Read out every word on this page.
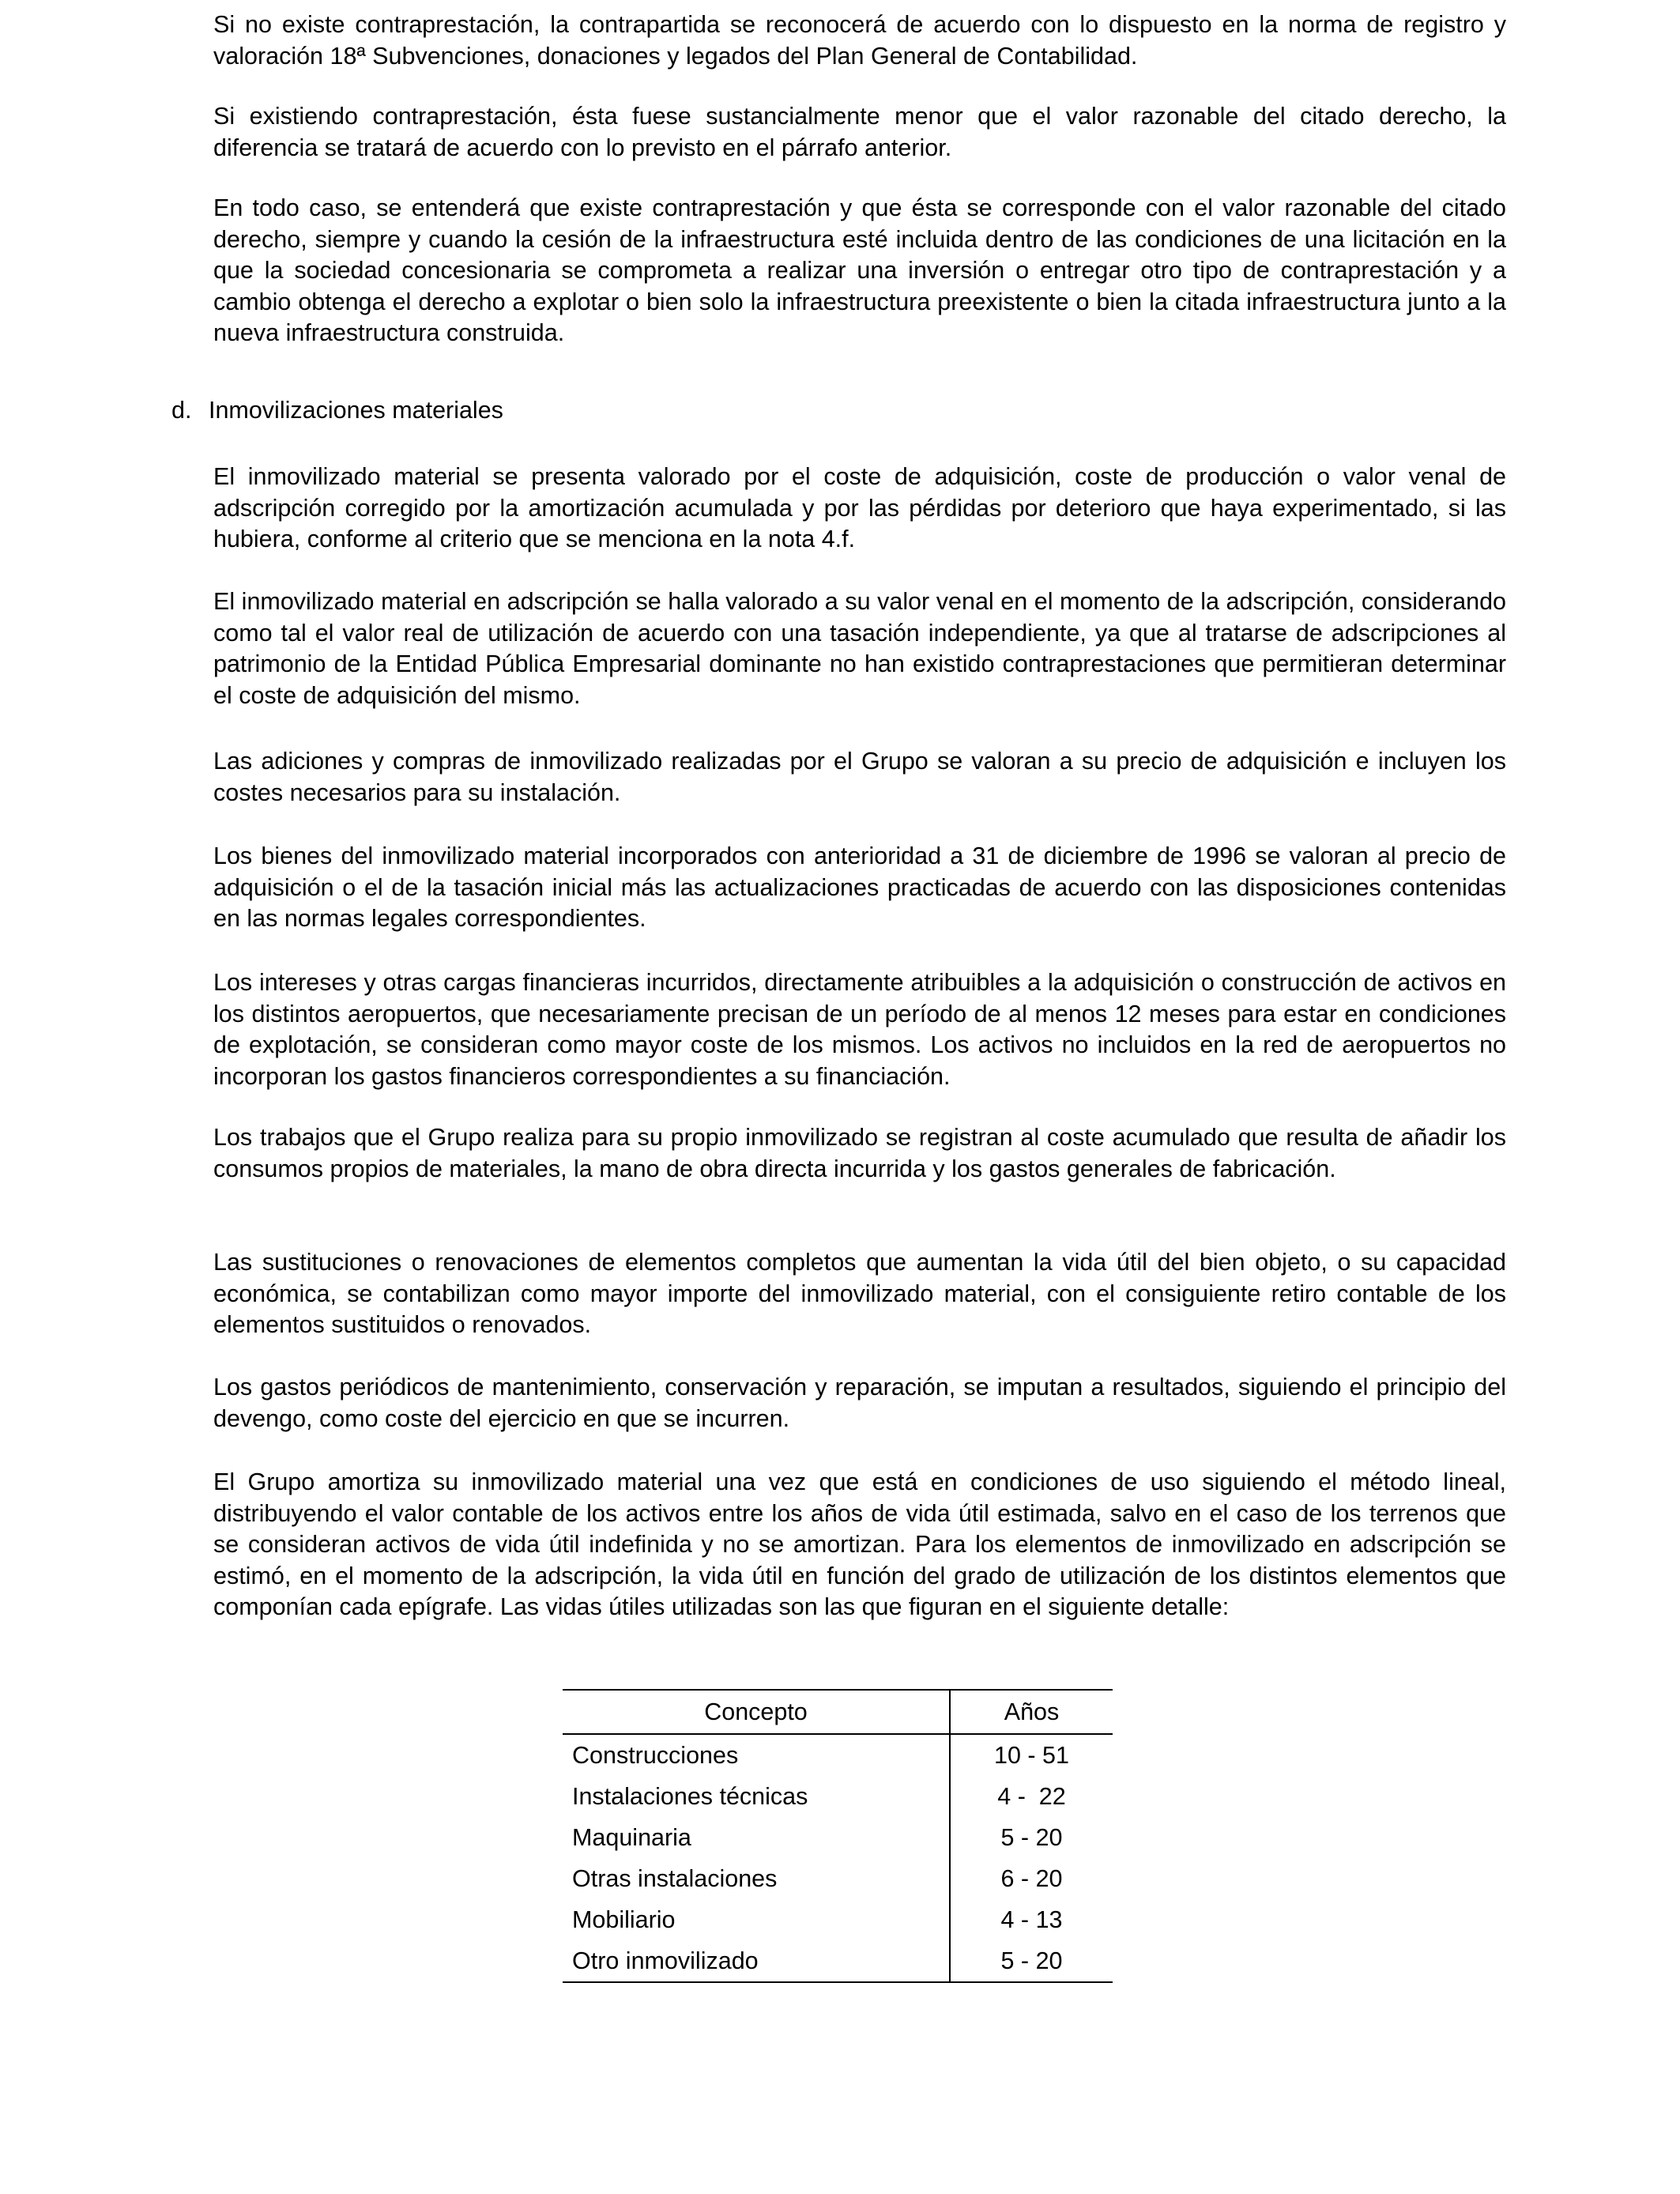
Si no existe contraprestación, la contrapartida se reconocerá de acuerdo con lo dispuesto en la norma de registro y valoración 18ª Subvenciones, donaciones y legados del Plan General de Contabilidad.

Si existiendo contraprestación, ésta fuese sustancialmente menor que el valor razonable del citado derecho, la diferencia se tratará de acuerdo con lo previsto en el párrafo anterior.

En todo caso, se entenderá que existe contraprestación y que ésta se corresponde con el valor razonable del citado derecho, siempre y cuando la cesión de la infraestructura esté incluida dentro de las condiciones de una licitación en la que la sociedad concesionaria se comprometa a realizar una inversión o entregar otro tipo de contraprestación y a cambio obtenga el derecho a explotar o bien solo la infraestructura preexistente o bien la citada infraestructura junto a la nueva infraestructura construida.

d. Inmovilizaciones materiales

El inmovilizado material se presenta valorado por el coste de adquisición, coste de producción o valor venal de adscripción corregido por la amortización acumulada y por las pérdidas por deterioro que haya experimentado, si las hubiera, conforme al criterio que se menciona en la nota 4.f.

El inmovilizado material en adscripción se halla valorado a su valor venal en el momento de la adscripción, considerando como tal el valor real de utilización de acuerdo con una tasación independiente, ya que al tratarse de adscripciones al patrimonio de la Entidad Pública Empresarial dominante no han existido contraprestaciones que permitieran determinar el coste de adquisición del mismo.

Las adiciones y compras de inmovilizado realizadas por el Grupo se valoran a su precio de adquisición e incluyen los costes necesarios para su instalación.

Los bienes del inmovilizado material incorporados con anterioridad a 31 de diciembre de 1996 se valoran al precio de adquisición o el de la tasación inicial más las actualizaciones practicadas de acuerdo con las disposiciones contenidas en las normas legales correspondientes.

Los intereses y otras cargas financieras incurridos, directamente atribuibles a la adquisición o construcción de activos en los distintos aeropuertos, que necesariamente precisan de un período de al menos 12 meses para estar en condiciones de explotación, se consideran como mayor coste de los mismos. Los activos no incluidos en la red de aeropuertos no incorporan los gastos financieros correspondientes a su financiación.

Los trabajos que el Grupo realiza para su propio inmovilizado se registran al coste acumulado que resulta de añadir los consumos propios de materiales, la mano de obra directa incurrida y los gastos generales de fabricación.

Las sustituciones o renovaciones de elementos completos que aumentan la vida útil del bien objeto, o su capacidad económica, se contabilizan como mayor importe del inmovilizado material, con el consiguiente retiro contable de los elementos sustituidos o renovados.

Los gastos periódicos de mantenimiento, conservación y reparación, se imputan a resultados, siguiendo el principio del devengo, como coste del ejercicio en que se incurren.

El Grupo amortiza su inmovilizado material una vez que está en condiciones de uso siguiendo el método lineal, distribuyendo el valor contable de los activos entre los años de vida útil estimada, salvo en el caso de los terrenos que se consideran activos de vida útil indefinida y no se amortizan. Para los elementos de inmovilizado en adscripción se estimó, en el momento de la adscripción, la vida útil en función del grado de utilización de los distintos elementos que componían cada epígrafe. Las vidas útiles utilizadas son las que figuran en el siguiente detalle:

Concepto	Años
Construcciones	10 - 51
Instalaciones técnicas	4 -  22
Maquinaria	5 - 20
Otras instalaciones	6 - 20
Mobiliario	4 - 13
Otro inmovilizado	5 - 20
